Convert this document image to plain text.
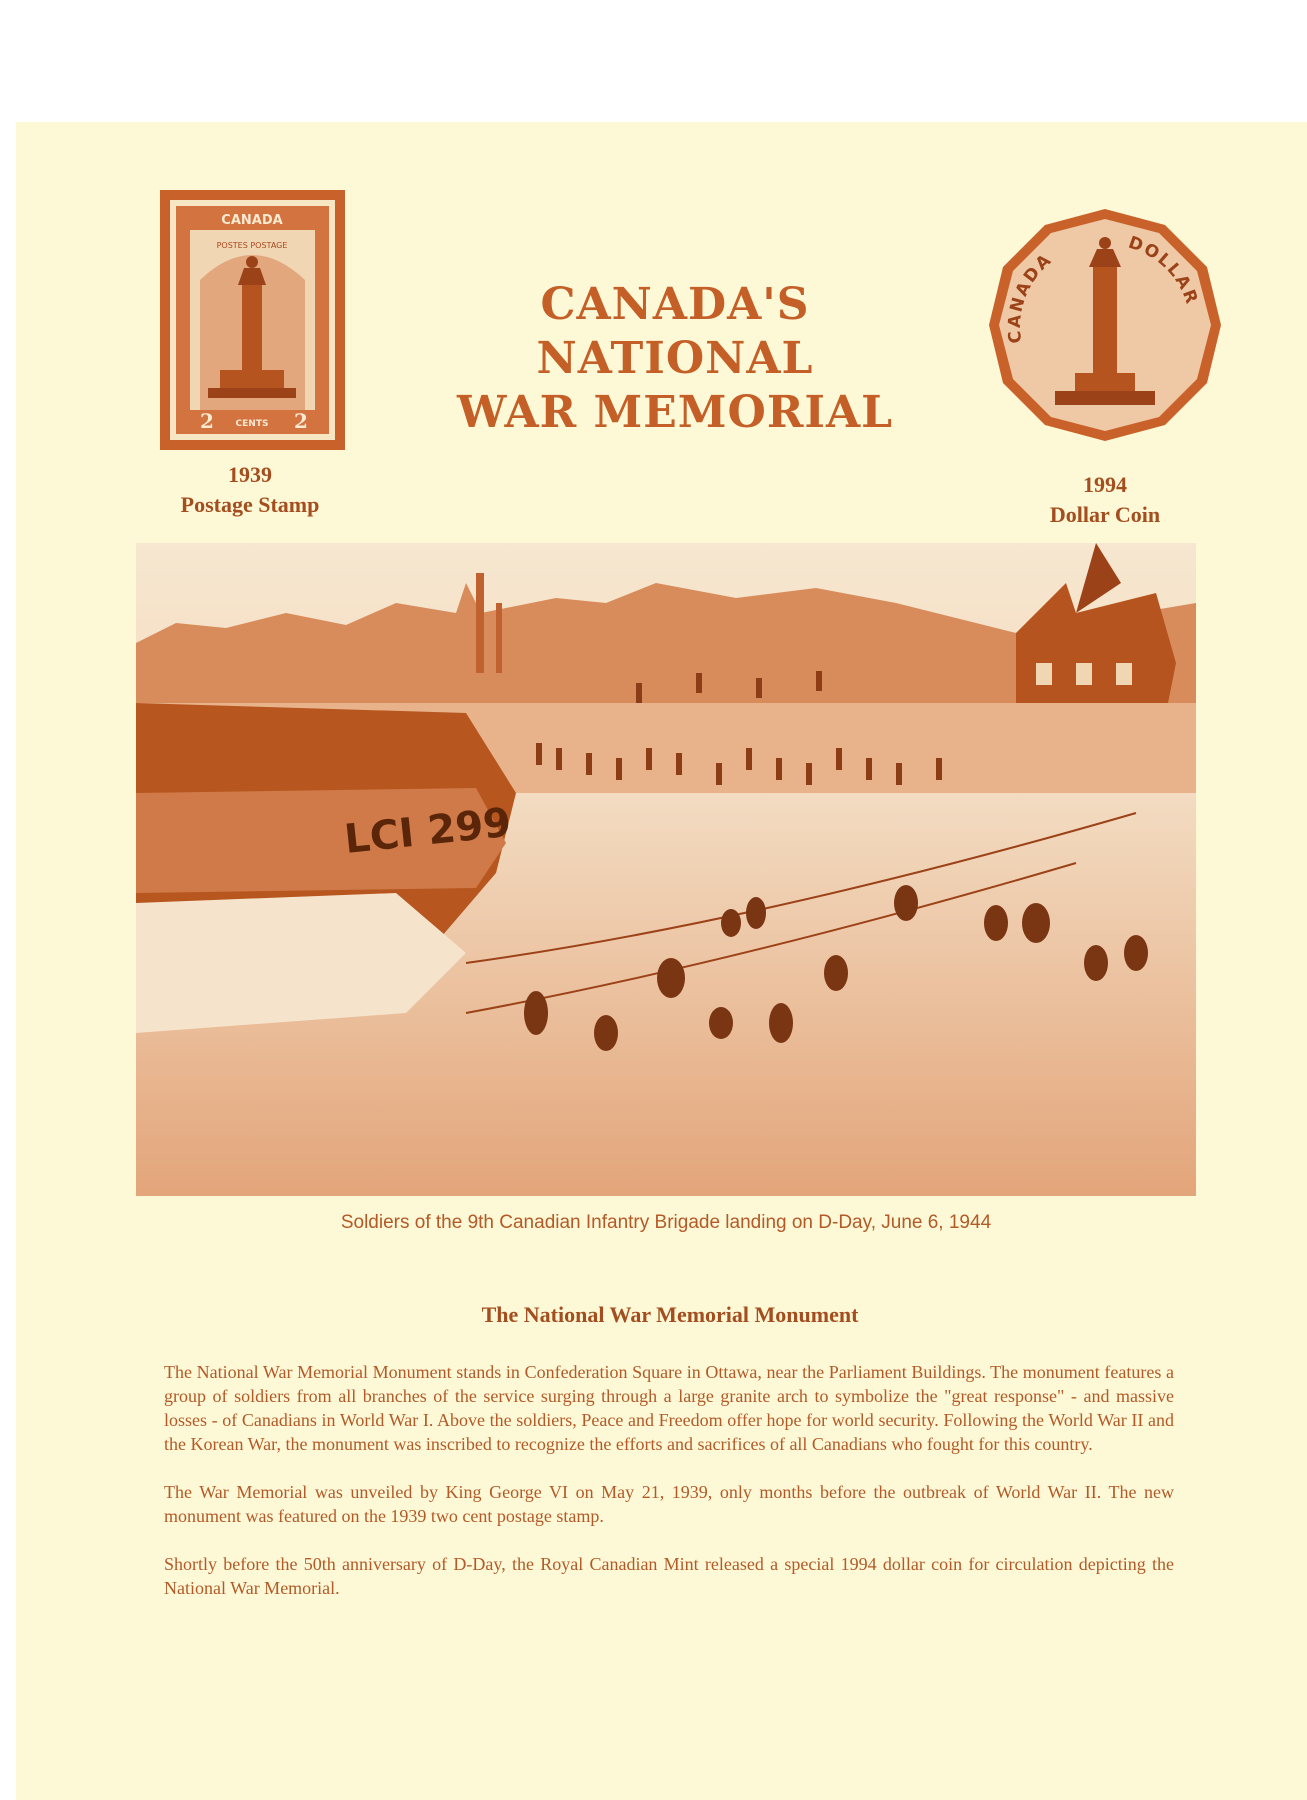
CANADA
POSTES POSTAGE
2 CENTS 2
1939
Postage Stamp
CANADA'S
NATIONAL
WAR MEMORIAL
CANADA
DOLLAR
1994
Dollar Coin
LCI 299
Soldiers of the 9th Canadian Infantry Brigade landing on D-Day, June 6, 1944
The National War Memorial Monument

The National War Memorial Monument stands in Confederation Square in Ottawa, near the Parliament Buildings. The monument features a group of soldiers from all branches of the service surging through a large granite arch to symbolize the "great response" - and massive losses - of Canadians in World War I. Above the soldiers, Peace and Freedom offer hope for world security. Following the World War II and the Korean War, the monument was inscribed to recognize the efforts and sacrifices of all Canadians who fought for this country.

The War Memorial was unveiled by King George VI on May 21, 1939, only months before the outbreak of World War II. The new monument was featured on the 1939 two cent postage stamp.

Shortly before the 50th anniversary of D-Day, the Royal Canadian Mint released a special 1994 dollar coin for circulation depicting the National War Memorial.
